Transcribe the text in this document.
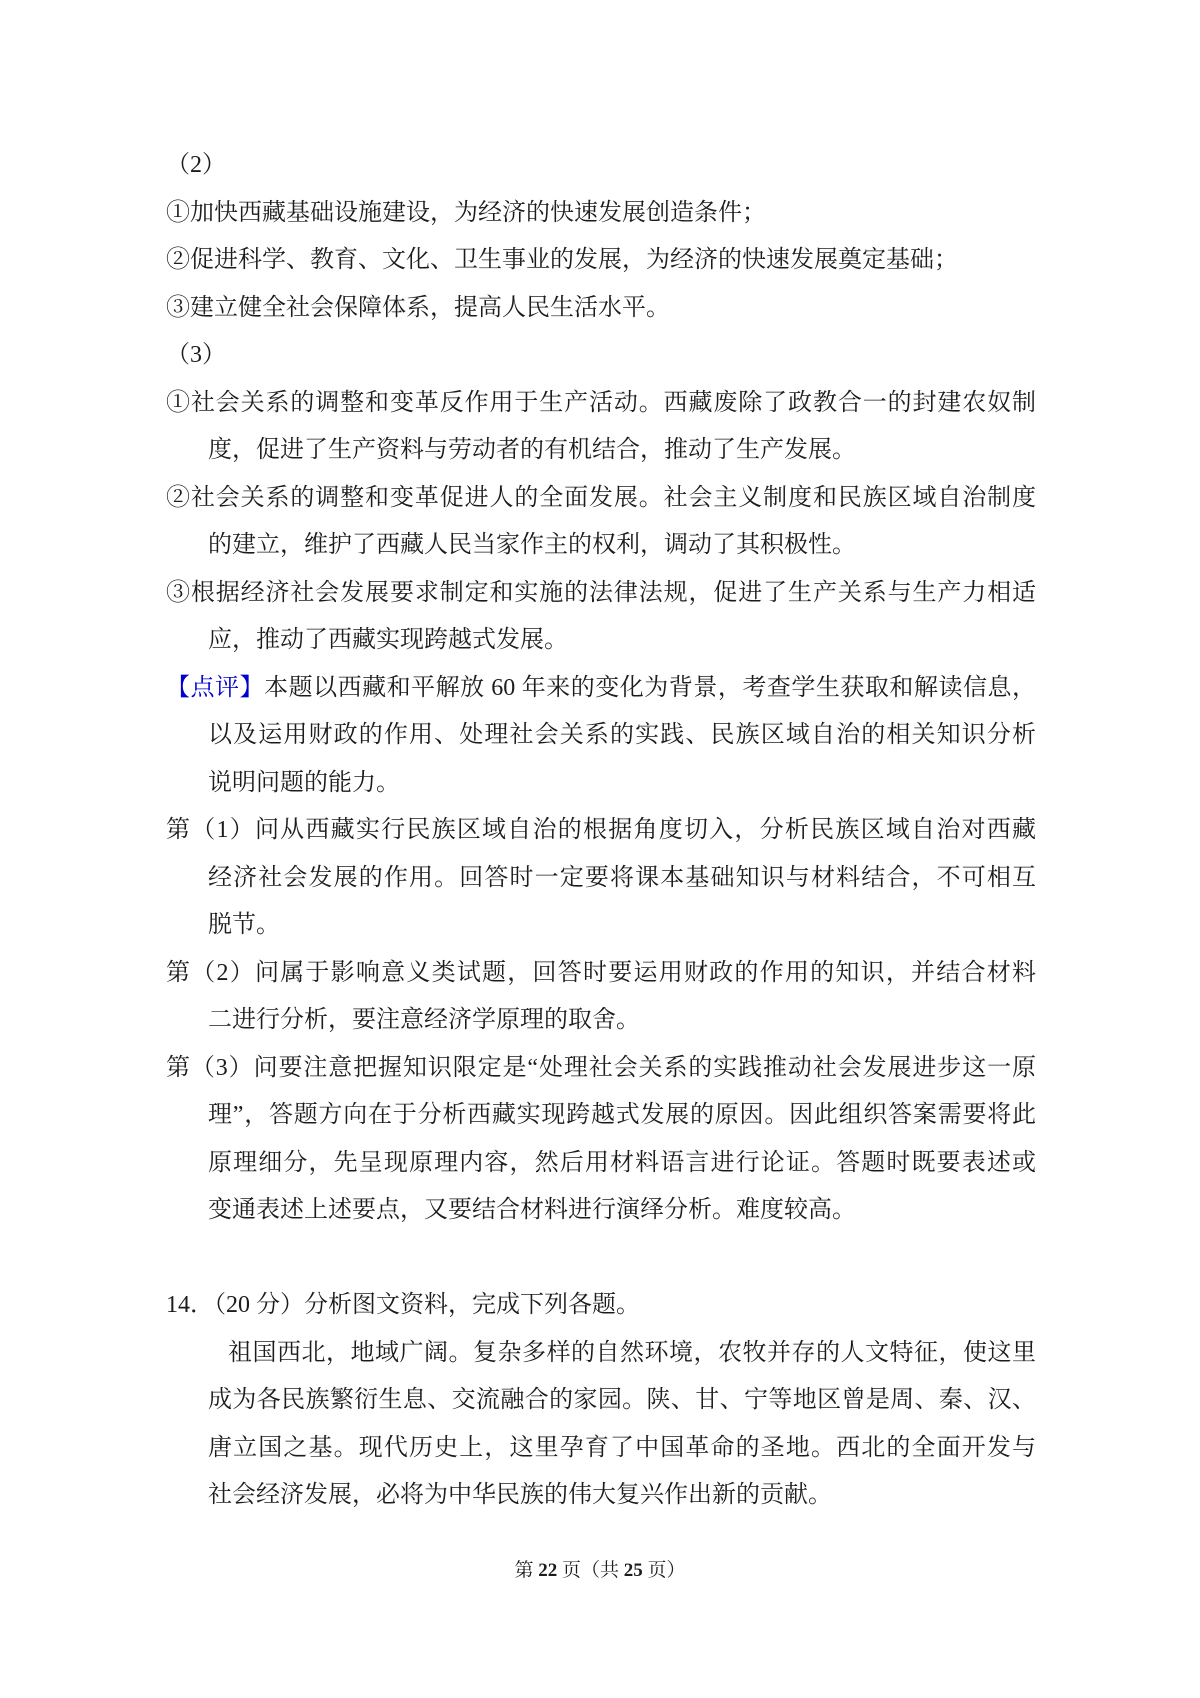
（2）
①加快西藏基础设施建设，为经济的快速发展创造条件；
②促进科学、教育、文化、卫生事业的发展，为经济的快速发展奠定基础；
③建立健全社会保障体系，提高人民生活水平。
（3）
①社会关系的调整和变革反作用于生产活动。西藏废除了政教合一的封建农奴制
度，促进了生产资料与劳动者的有机结合，推动了生产发展。
②社会关系的调整和变革促进人的全面发展。社会主义制度和民族区域自治制度
的建立，维护了西藏人民当家作主的权利，调动了其积极性。
③根据经济社会发展要求制定和实施的法律法规，促进了生产关系与生产力相适
应，推动了西藏实现跨越式发展。
【点评】本题以西藏和平解放 60 年来的变化为背景，考查学生获取和解读信息，
以及运用财政的作用、处理社会关系的实践、民族区域自治的相关知识分析
说明问题的能力。
第（1）问从西藏实行民族区域自治的根据角度切入，分析民族区域自治对西藏
经济社会发展的作用。回答时一定要将课本基础知识与材料结合，不可相互
脱节。
第（2）问属于影响意义类试题，回答时要运用财政的作用的知识，并结合材料
二进行分析，要注意经济学原理的取舍。
第（3）问要注意把握知识限定是“处理社会关系的实践推动社会发展进步这一原
理”，答题方向在于分析西藏实现跨越式发展的原因。因此组织答案需要将此
原理细分，先呈现原理内容，然后用材料语言进行论证。答题时既要表述或
变通表述上述要点，又要结合材料进行演绎分析。难度较高。
14．（20 分）分析图文资料，完成下列各题。
祖国西北，地域广阔。复杂多样的自然环境，农牧并存的人文特征，使这里
成为各民族繁衍生息、交流融合的家园。陕、甘、宁等地区曾是周、秦、汉、
唐立国之基。现代历史上，这里孕育了中国革命的圣地。西北的全面开发与
社会经济发展，必将为中华民族的伟大复兴作出新的贡献。
第 22 页（共 25 页）
